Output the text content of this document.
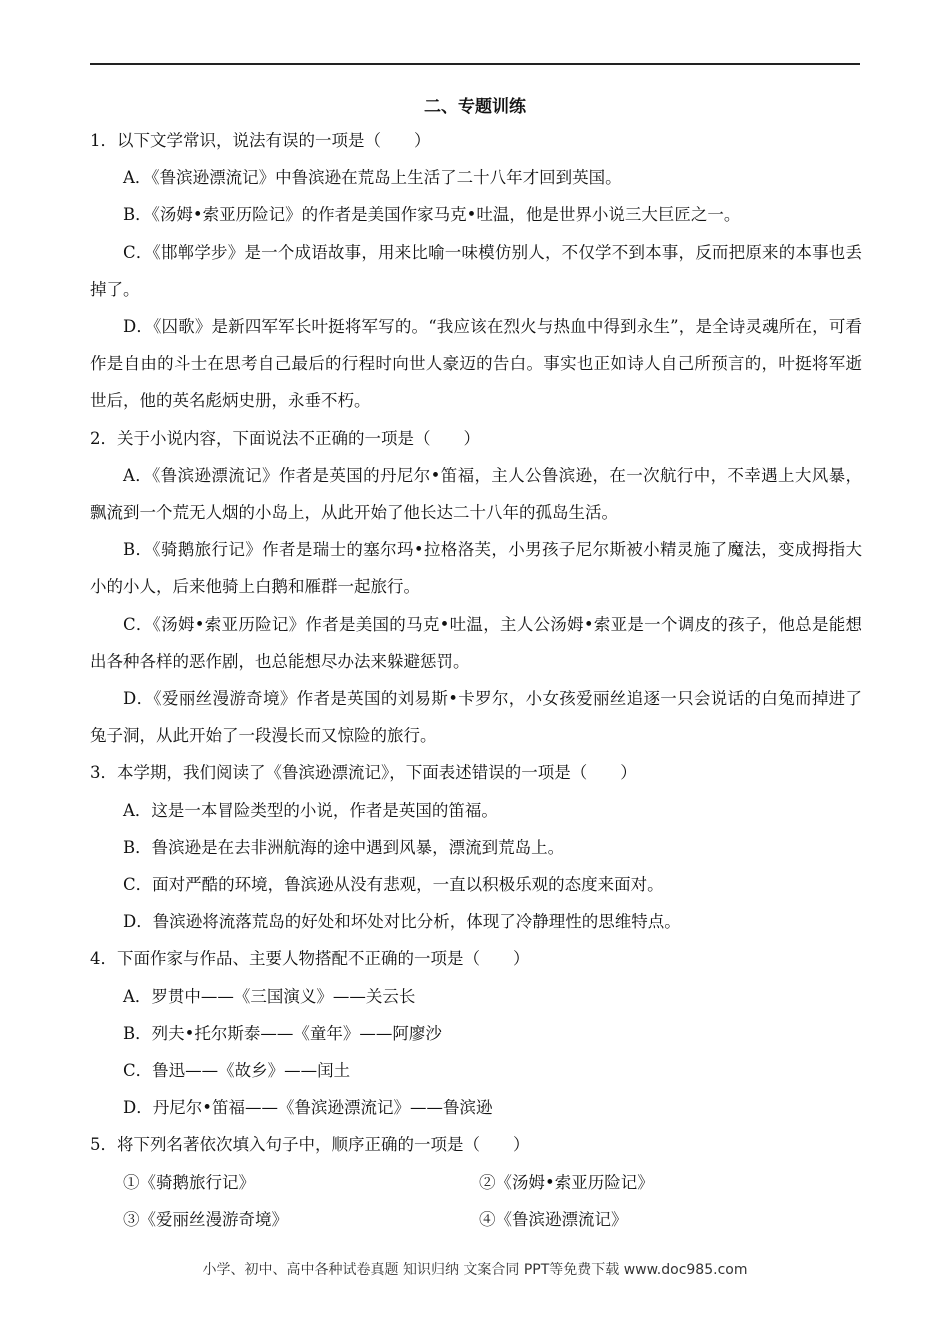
二、专题训练

1．以下文学常识，说法有误的一项是（　　）

A．《鲁滨逊漂流记》中鲁滨逊在荒岛上生活了二十八年才回到英国。

B．《汤姆•索亚历险记》的作者是美国作家马克•吐温，他是世界小说三大巨匠之一。

C．《邯郸学步》是一个成语故事，用来比喻一味模仿别人，不仅学不到本事，反而把原来的本事也丢掉了。

D．《囚歌》是新四军军长叶挺将军写的。“我应该在烈火与热血中得到永生”，是全诗灵魂所在，可看作是自由的斗士在思考自己最后的行程时向世人豪迈的告白。事实也正如诗人自己所预言的，叶挺将军逝世后，他的英名彪炳史册，永垂不朽。

2．关于小说内容，下面说法不正确的一项是（　　）

A．《鲁滨逊漂流记》作者是英国的丹尼尔•笛福，主人公鲁滨逊，在一次航行中，不幸遇上大风暴，飘流到一个荒无人烟的小岛上，从此开始了他长达二十八年的孤岛生活。

B．《骑鹅旅行记》作者是瑞士的塞尔玛•拉格洛芙，小男孩子尼尔斯被小精灵施了魔法，变成拇指大小的小人，后来他骑上白鹅和雁群一起旅行。

C．《汤姆•索亚历险记》作者是美国的马克•吐温，主人公汤姆•索亚是一个调皮的孩子，他总是能想出各种各样的恶作剧，也总能想尽办法来躲避惩罚。

D．《爱丽丝漫游奇境》作者是英国的刘易斯•卡罗尔，小女孩爱丽丝追逐一只会说话的白兔而掉进了兔子洞，从此开始了一段漫长而又惊险的旅行。

3．本学期，我们阅读了《鲁滨逊漂流记》，下面表述错误的一项是（　　）

A．这是一本冒险类型的小说，作者是英国的笛福。

B．鲁滨逊是在去非洲航海的途中遇到风暴，漂流到荒岛上。

C．面对严酷的环境，鲁滨逊从没有悲观，一直以积极乐观的态度来面对。

D．鲁滨逊将流落荒岛的好处和坏处对比分析，体现了冷静理性的思维特点。

4．下面作家与作品、主要人物搭配不正确的一项是（　　）

A．罗贯中——《三国演义》——关云长

B．列夫•托尔斯泰——《童年》——阿廖沙

C．鲁迅——《故乡》——闰土

D．丹尼尔•笛福——《鲁滨逊漂流记》——鲁滨逊

5．将下列名著依次填入句子中，顺序正确的一项是（　　）

①《骑鹅旅行记》	②《汤姆•索亚历险记》
③《爱丽丝漫游奇境》	④《鲁滨逊漂流记》
小学、初中、高中各种试卷真题 知识归纳 文案合同 PPT等免费下载 www.doc985.com
